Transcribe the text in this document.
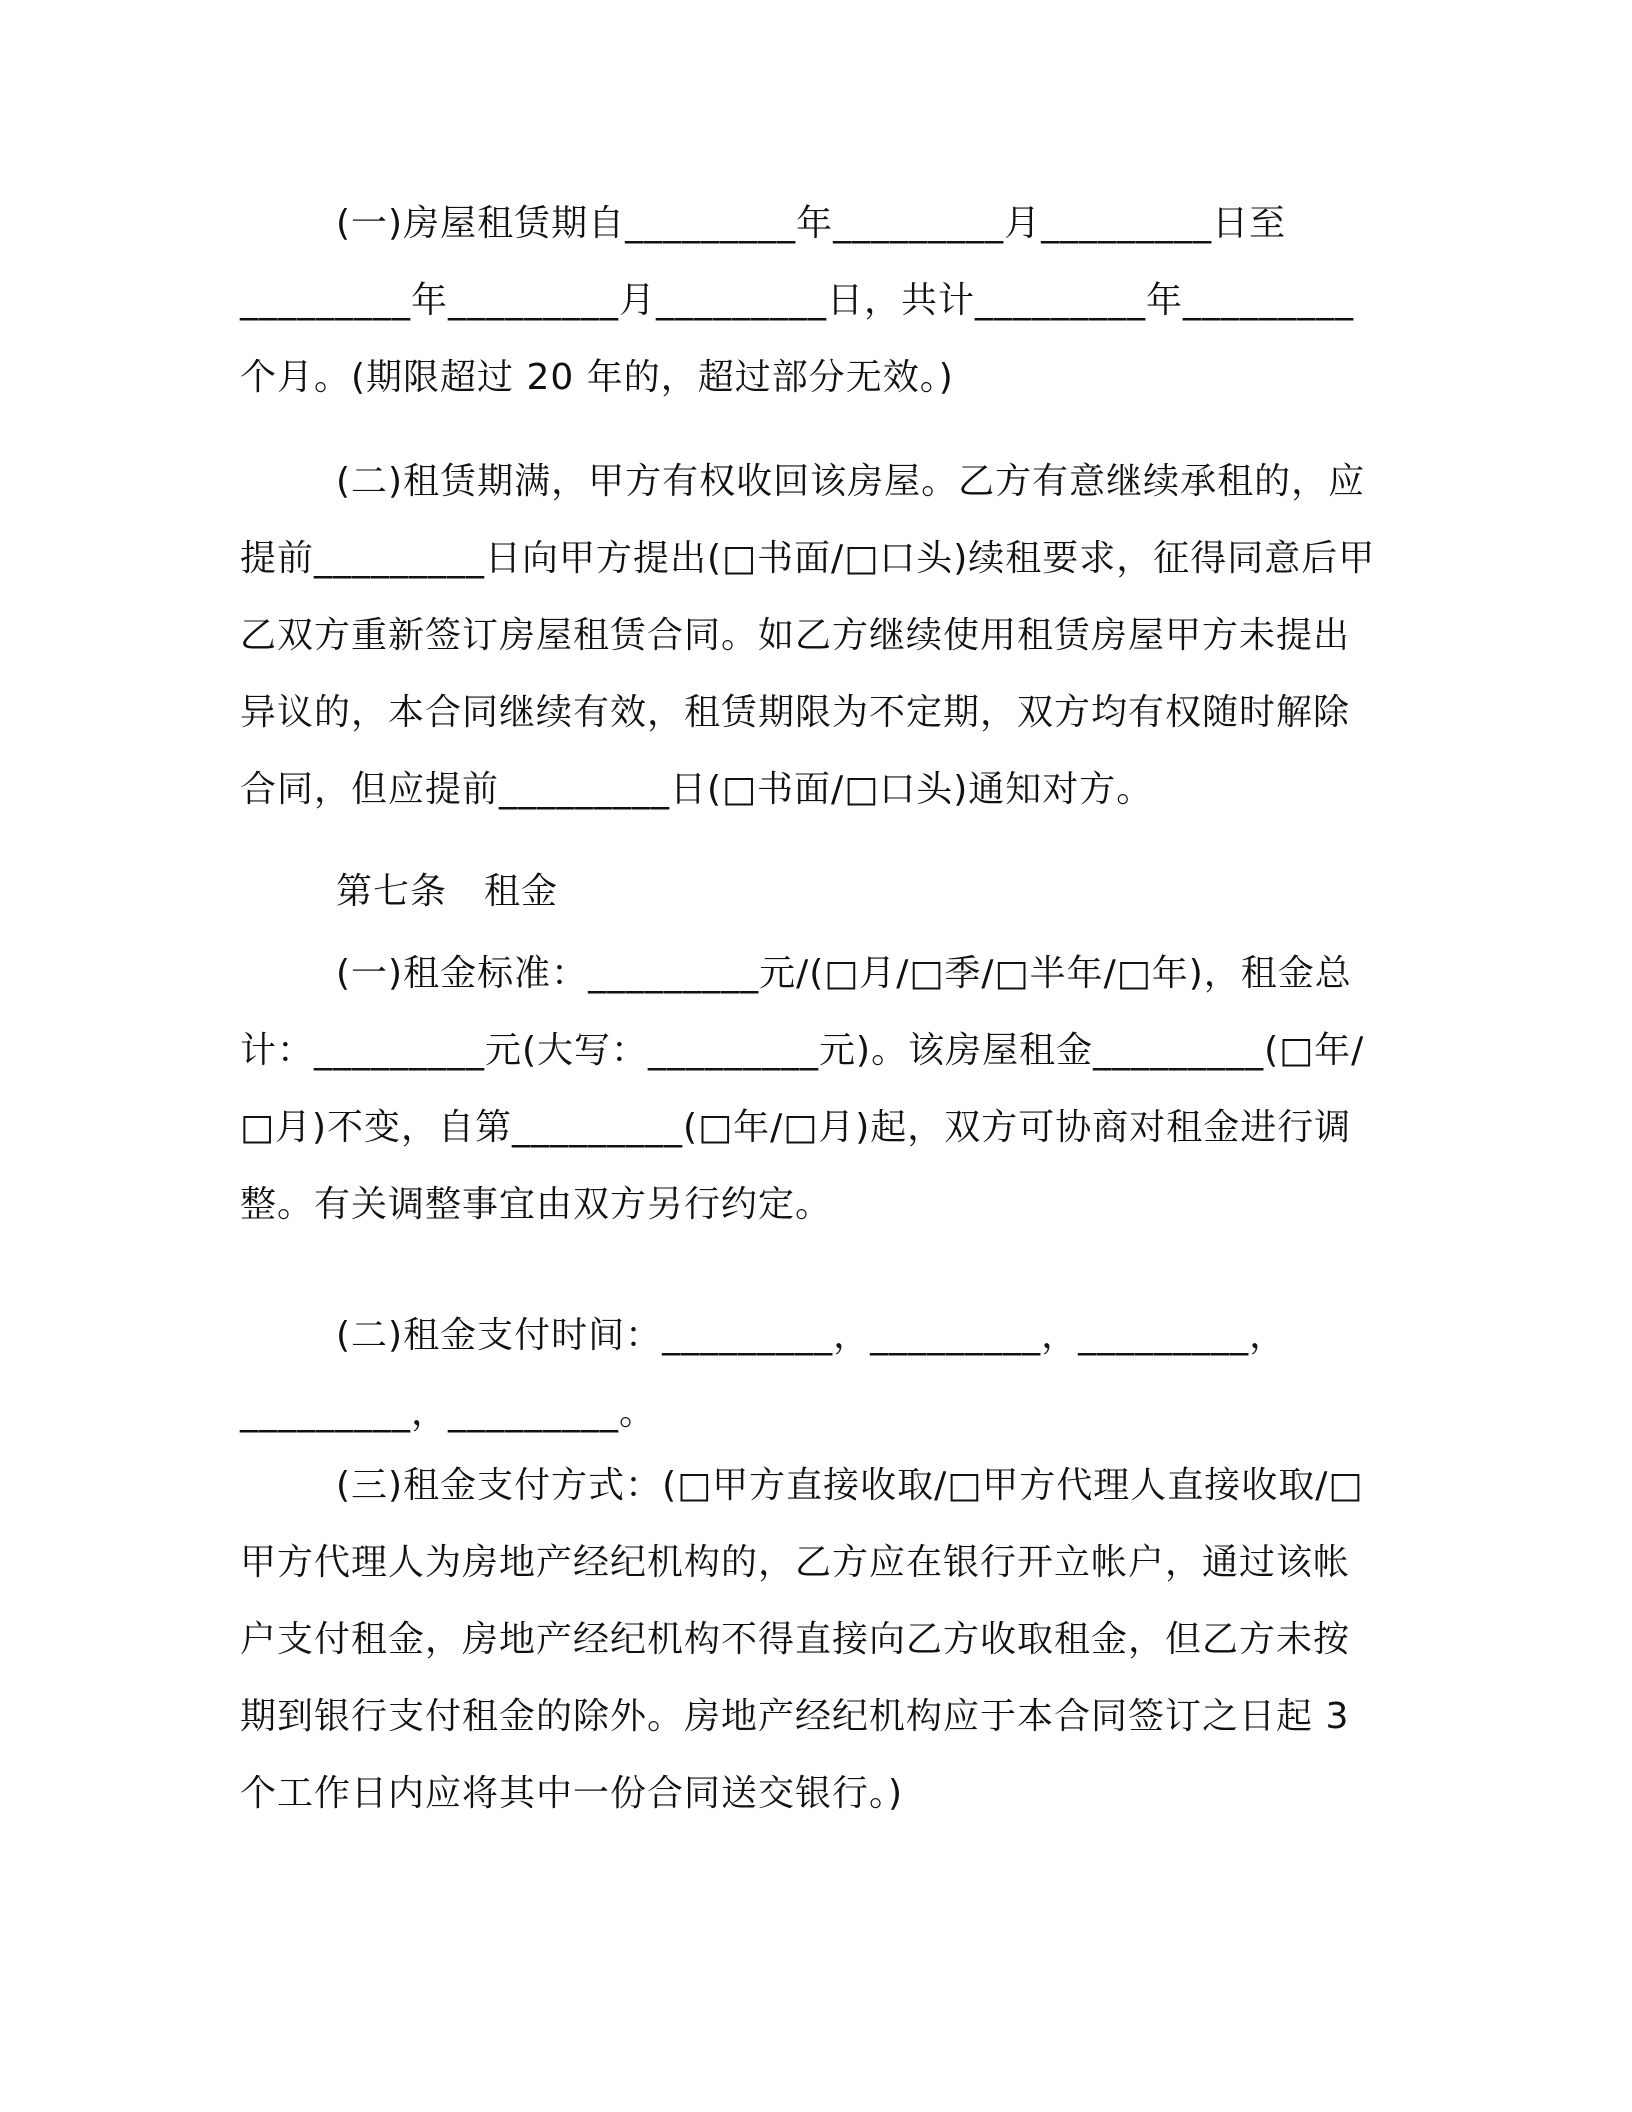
(一)房屋租赁期自_________年_________月_________日至_________年_________月_________日，共计_________年_________个月。(期限超过 20 年的，超过部分无效。)

(二)租赁期满，甲方有权收回该房屋。乙方有意继续承租的，应提前_________日向甲方提出(□书面/□口头)续租要求，征得同意后甲乙双方重新签订房屋租赁合同。如乙方继续使用租赁房屋甲方未提出异议的，本合同继续有效，租赁期限为不定期，双方均有权随时解除合同，但应提前_________日(□书面/□口头)通知对方。

第七条　租金

(一)租金标准：_________元/(□月/□季/□半年/□年)，租金总计：_________元(大写：_________元)。该房屋租金_________(□年/□月)不变，自第_________(□年/□月)起，双方可协商对租金进行调整。有关调整事宜由双方另行约定。

(二)租金支付时间：_________，_________，_________，_________，_________。

(三)租金支付方式：(□甲方直接收取/□甲方代理人直接收取/□甲方代理人为房地产经纪机构的，乙方应在银行开立帐户，通过该帐户支付租金，房地产经纪机构不得直接向乙方收取租金，但乙方未按期到银行支付租金的除外。房地产经纪机构应于本合同签订之日起 3 个工作日内应将其中一份合同送交银行。)
